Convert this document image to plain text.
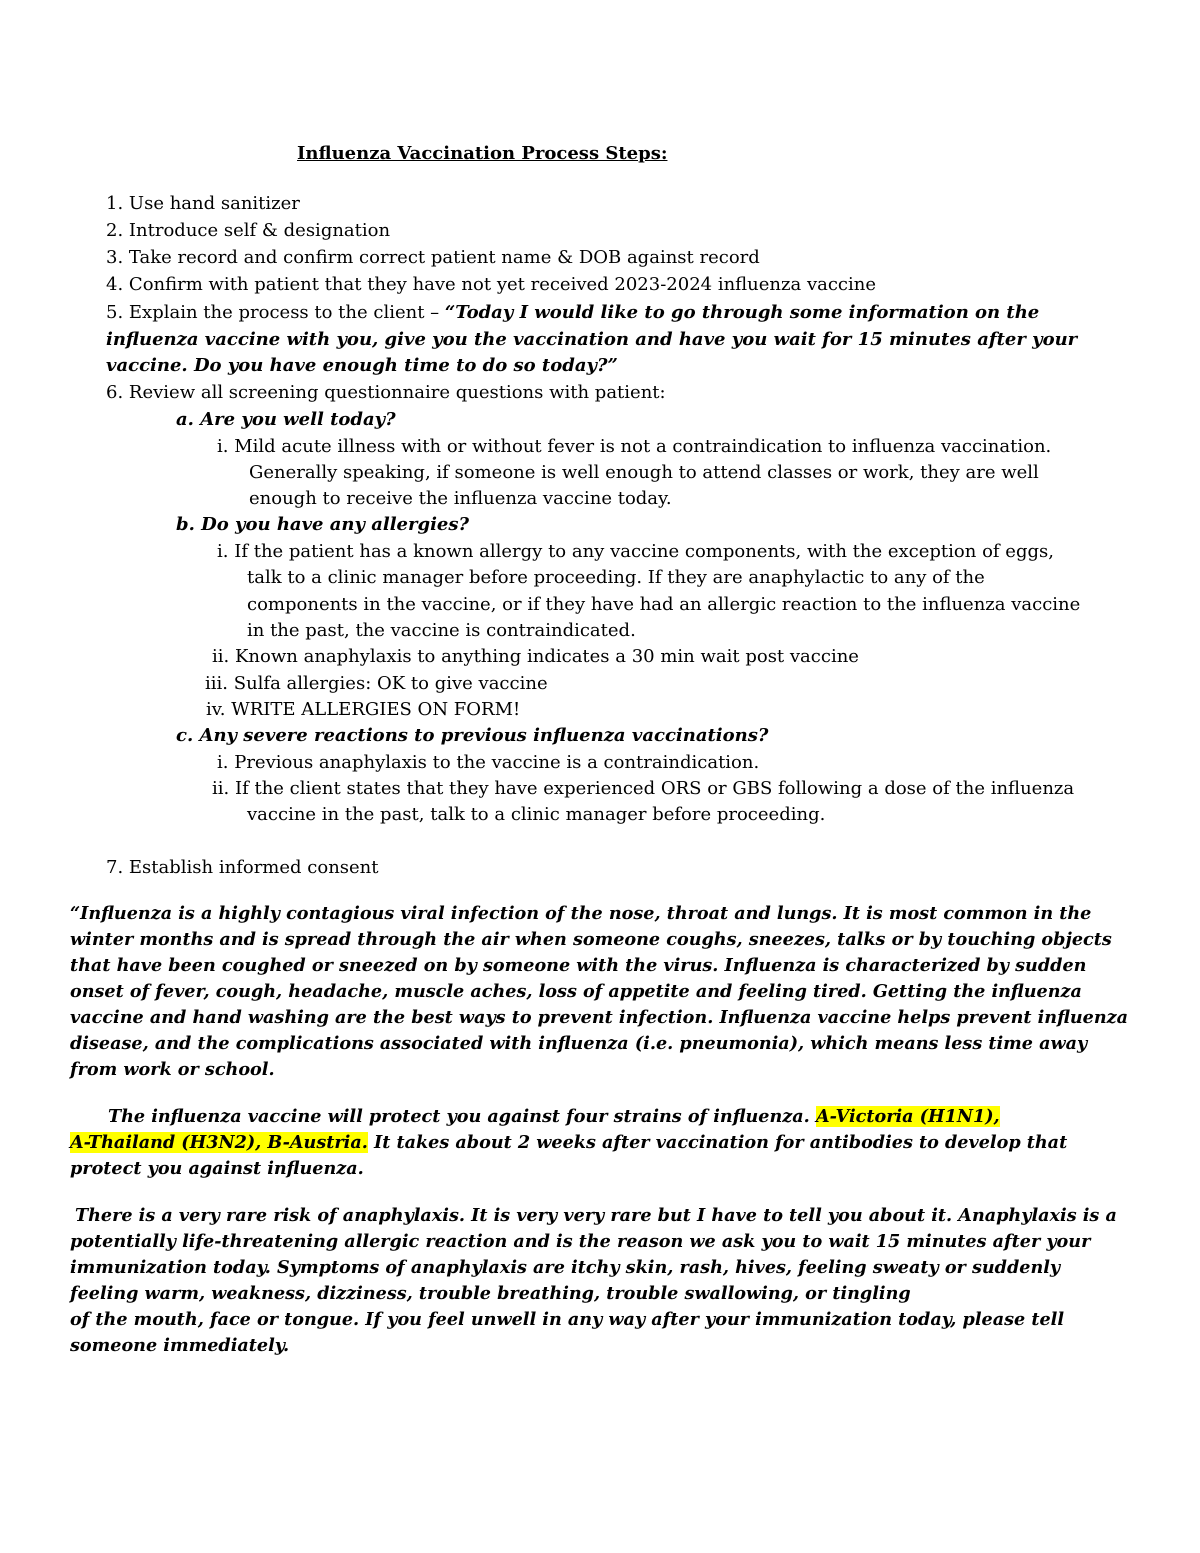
Influenza Vaccination Process Steps:
1. Use hand sanitizer
2. Introduce self & designation
3. Take record and confirm correct patient name & DOB against record
4. Confirm with patient that they have not yet received 2023-2024 influenza vaccine
5. Explain the process to the client – “Today I would like to go through some information on the
influenza vaccine with you, give you the vaccination and have you wait for 15 minutes after your
vaccine. Do you have enough time to do so today?”
6. Review all screening questionnaire questions with patient:
a. Are you well today?
i. Mild acute illness with or without fever is not a contraindication to influenza vaccination.
Generally speaking, if someone is well enough to attend classes or work, they are well
enough to receive the influenza vaccine today.
b. Do you have any allergies?
i. If the patient has a known allergy to any vaccine components, with the exception of eggs,
talk to a clinic manager before proceeding. If they are anaphylactic to any of the
components in the vaccine, or if they have had an allergic reaction to the influenza vaccine
in the past, the vaccine is contraindicated.
ii. Known anaphylaxis to anything indicates a 30 min wait post vaccine
iii. Sulfa allergies: OK to give vaccine
iv. WRITE ALLERGIES ON FORM!
c. Any severe reactions to previous influenza vaccinations?
i. Previous anaphylaxis to the vaccine is a contraindication.
ii. If the client states that they have experienced ORS or GBS following a dose of the influenza
vaccine in the past, talk to a clinic manager before proceeding.
7. Establish informed consent
“Influenza is a highly contagious viral infection of the nose, throat and lungs. It is most common in the winter months and is spread through the air when someone coughs, sneezes, talks or by touching objects that have been coughed or sneezed on by someone with the virus. Influenza is characterized by sudden onset of fever, cough, headache, muscle aches, loss of appetite and feeling tired. Getting the influenza vaccine and hand washing are the best ways to prevent infection. Influenza vaccine helps prevent influenza disease, and the complications associated with influenza (i.e. pneumonia), which means less time away from work or school.
The influenza vaccine will protect you against four strains of influenza. A-Victoria (H1N1),
A-Thailand (H3N2), B-Austria. It takes about 2 weeks after vaccination for antibodies to develop that protect you against influenza.
There is a very rare risk of anaphylaxis. It is very very rare but I have to tell you about it. Anaphylaxis is a potentially life-threatening allergic reaction and is the reason we ask you to wait 15 minutes after your immunization today. Symptoms of anaphylaxis are itchy skin, rash, hives, feeling sweaty or suddenly feeling warm, weakness, dizziness, trouble breathing, trouble swallowing, or tingling
of the mouth, face or tongue. If you feel unwell in any way after your immunization today, please tell someone immediately.
